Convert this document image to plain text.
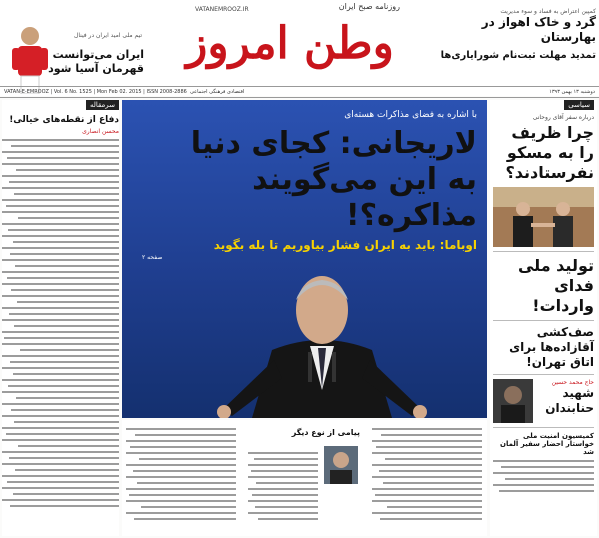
تیم ملی امید ایران در فینال
ایران می‌توانست قهرمان آسیا شود
VATANEMROOZ.IR	روزنامه صبح ایران
وطن امروز
کمپین اعتراض به فساد و سوء مدیریت
گرد و خاک اهواز در بهارستان
تمدید مهلت ثبت‌نام شورایاری‌ها
VATAN-E-EMROOZ | Vol. 6 No. 1525 | Mon Feb 02. 2015 | ISSN 2008-2886 اقتصادی فرهنگی اجتماعی	دوشنبه ۱۳ بهمن ۱۳۹۳
سرمقاله
دفاع از نقطه‌های خیالی!
محسن انصاری
با اشاره به فضای مذاکرات هسته‌ای
لاریجانی: کجای دنیا
به این می‌گویند مذاکره؟!
اوباما: باید به ایران فشار بیاوریم تا بله بگوید
صفحه ۲
پیامی از نوع دیگر
سیاسی
درباره سفر آقای روحانی
چرا ظریف را به مسکو نفرستادند؟
تولید ملی فدای واردات!
صف‌کشی آقازاده‌ها برای اتاق تهران!
حاج محمد حسین
شهید حنابندان
کمیسیون امنیت ملی خواستار احضار سفیر آلمان شد
